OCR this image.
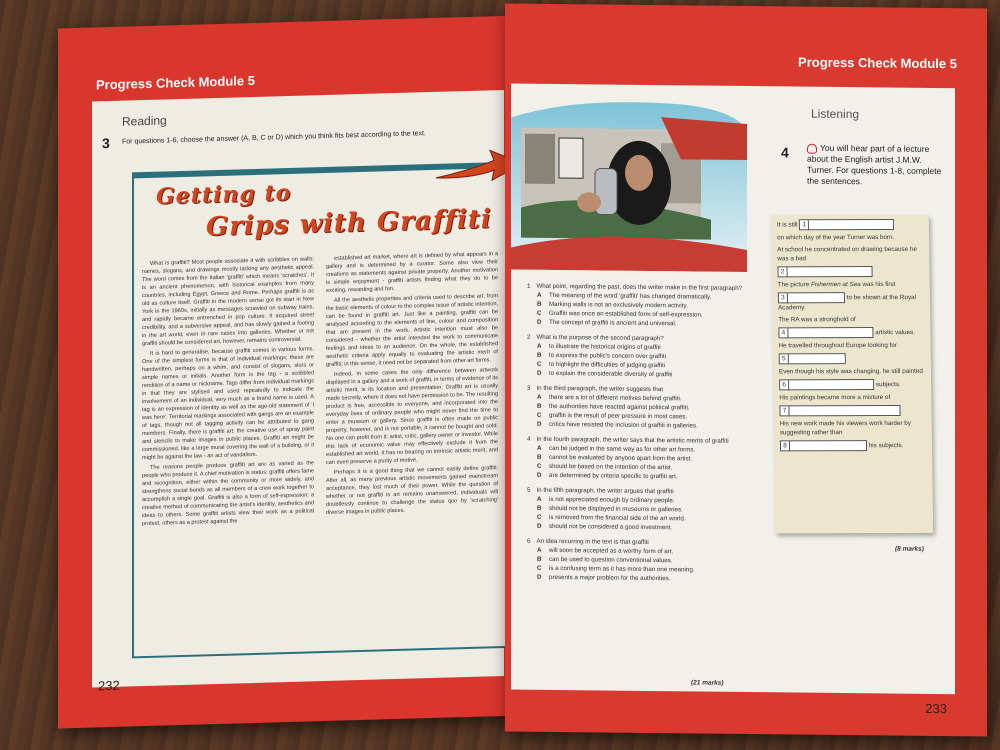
Progress Check Module 5
Reading
3 For questions 1-6, choose the answer (A, B, C or D) which you think fits best according to the text.
Getting to
Grips with Graffiti

What is graffiti? Most people associate it with scribbles on walls: names, slogans, and drawings mostly lacking any aesthetic appeal. The word comes from the Italian 'graffiti' which means 'scratches'. It is an ancient phenomenon, with historical examples from many countries, including Egypt, Greece and Rome. Perhaps graffiti is as old as culture itself. Graffiti in the modern sense got its start in New York in the 1960s, initially as messages scrawled on subway trains, and rapidly became entrenched in pop culture. It acquired street credibility, and a subversive appeal, and has slowly gained a footing in the art world, even in rare cases into galleries. Whether or not graffiti should be considered art, however, remains controversial.

It is hard to generalise, because graffiti comes in various forms. One of the simplest forms is that of individual markings; these are handwritten, perhaps on a whim, and consist of slogans, slurs or simple names or initials. Another form is the tag - a scribbled rendition of a name or nickname. Tags differ from individual markings in that they are stylised and used repeatedly to indicate the involvement of an individual, very much as a brand name is used. A tag is an expression of identity as well as the age-old statement of 'I was here'. Territorial markings associated with gangs are an example of tags, though not all tagging activity can be attributed to gang members. Finally, there is graffiti art: the creative use of spray paint and stencils to make images in public places. Graffiti art might be commissioned, like a large mural covering the wall of a building, or it might be against the law - an act of vandalism.

The reasons people produce graffiti art are as varied as the people who produce it. A chief motivation is status: graffiti offers fame and recognition, either within the community or more widely, and strengthens social bonds as all members of a crew work together to accomplish a single goal. Graffiti is also a form of self-expression: a creative method of communicating the artist's identity, aesthetics and ideas to others. Some graffiti artists view their work as a political protest, others as a protest against the

established art market, where art is defined by what appears in a gallery and is determined by a curator. Some also view their creations as statements against private property. Another motivation is simple enjoyment - graffiti artists finding what they do to be exciting, rewarding and fun.

All the aesthetic properties and criteria used to describe art, from the basic elements of colour to the complex issue of artistic intention, can be found in graffiti art. Just like a painting, graffiti can be analysed according to the elements of line, colour and composition that are present in the work. Artistic intention must also be considered - whether the artist intended the work to communicate feelings and ideas to an audience. On the whole, the established aesthetic criteria apply equally to evaluating the artistic merit of graffiti; in this sense, it need not be separated from other art forms.

Indeed, in some cases the only difference between artwork displayed in a gallery and a work of graffiti, in terms of evidence of its artistic merit, is its location and presentation. Graffiti art is usually made secretly, where it does not have permission to be. The resulting product is free, accessible to everyone, and incorporated into the everyday lives of ordinary people who might never find the time to enter a museum or gallery. Since graffiti is often made on public property, however, and is not portable, it cannot be bought and sold. No one can profit from it: artist, critic, gallery owner or investor. While this lack of economic value may effectively exclude it from the established art world, it has no bearing on intrinsic artistic merit, and can even preserve a purity of motive.

Perhaps it is a good thing that we cannot easily define graffiti. After all, as many previous artistic movements gained mainstream acceptance, they lost much of their power. While the question of whether or not graffiti is art remains unanswered, individuals will doubtlessly continue to challenge the status quo by 'scratching' diverse images in public places.

232
Progress Check Module 5
1 What point, regarding the past, does the writer make in the first paragraph?
A The meaning of the word 'graffiti' has changed dramatically.
B Marking walls is not an exclusively modern activity.
C Graffiti was once an established form of self-expression.
D The concept of graffiti is ancient and universal.
2 What is the purpose of the second paragraph?
A to illustrate the historical origins of graffiti
B to express the public's concern over graffiti
C to highlight the difficulties of judging graffiti
D to explain the considerable diversity of graffiti
3 In the third paragraph, the writer suggests that
A there are a lot of different motives behind graffiti.
B the authorities have reacted against political graffiti.
C graffiti is the result of peer pressure in most cases.
D critics have resisted the inclusion of graffiti in galleries.
4 In the fourth paragraph, the writer says that the artistic merits of graffiti
A can be judged in the same way as for other art forms.
B cannot be evaluated by anyone apart from the artist.
C should be based on the intention of the artist.
D are determined by criteria specific to graffiti art.
5 In the fifth paragraph, the writer argues that graffiti
A is not appreciated enough by ordinary people.
B should not be displayed in museums or galleries.
C is removed from the financial side of the art world.
D should not be considered a good investment.
6 An idea recurring in the text is that graffiti
A will soon be accepted as a worthy form of art.
B can be used to question conventional values.
C is a confusing term as it has more than one meaning.
D presents a major problem for the authorities.
(21 marks)
Listening
4	You will hear part of a lecture about the English artist J.M.W. Turner. For questions 1-8, complete the sentences.
It is still 1
on which day of the year Turner was born.
At school he concentrated on drawing because he was a bad
2
The picture Fishermen at Sea was his first
3	to be shown at the Royal Academy.
The RA was a stronghold of
4	artistic values.
He travelled throughout Europe looking for
5
Even though his style was changing, he still painted
6	subjects.
His paintings became more a mixture of
7
His new work made his viewers work harder by suggesting rather than
8	his subjects.
(8 marks)
233
